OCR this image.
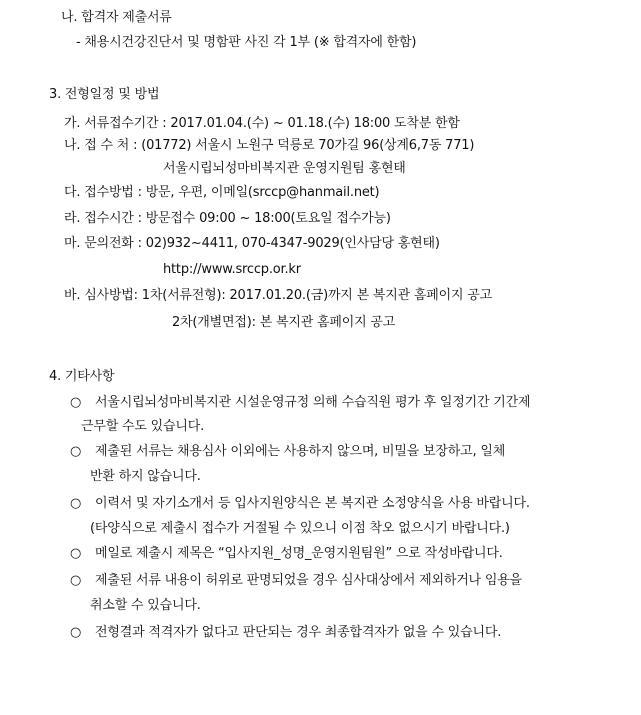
나. 합격자 제출서류
- 채용시건강진단서 및 명함판 사진 각 1부 (※ 합격자에 한함)
3. 전형일정 및 방법
가. 서류접수기간 : 2017.01.04.(수) ~ 01.18.(수) 18:00 도착분 한함
나. 접 수 처 : (01772) 서울시 노원구 덕릉로 70가길 96(상계6,7동 771)
서울시립뇌성마비복지관 운영지원팀 홍현태
다. 접수방법 : 방문, 우편, 이메일(srccp@hanmail.net)
라. 접수시간 : 방문접수 09:00 ~ 18:00(토요일 접수가능)
마. 문의전화 : 02)932~4411, 070-4347-9029(인사담당 홍현태)
http://www.srccp.or.kr
바. 심사방법: 1차(서류전형): 2017.01.20.(금)까지 본 복지관 홈페이지 공고
2차(개별면접): 본 복지관 홈페이지 공고
4. 기타사항
○ 서울시립뇌성마비복지관 시설운영규정 의해 수습직원 평가 후 일정기간 기간제
근무할 수도 있습니다.
○ 제출된 서류는 채용심사 이외에는 사용하지 않으며, 비밀을 보장하고, 일체
반환 하지 않습니다.
○ 이력서 및 자기소개서 등 입사지원양식은 본 복지관 소정양식을 사용 바랍니다.
(타양식으로 제출시 접수가 거절될 수 있으니 이점 착오 없으시기 바랍니다.)
○ 메일로 제출시 제목은 “입사지원_성명_운영지원팀원” 으로 작성바랍니다.
○ 제출된 서류 내용이 허위로 판명되었을 경우 심사대상에서 제외하거나 임용을
취소할 수 있습니다.
○ 전형결과 적격자가 없다고 판단되는 경우 최종합격자가 없을 수 있습니다.
